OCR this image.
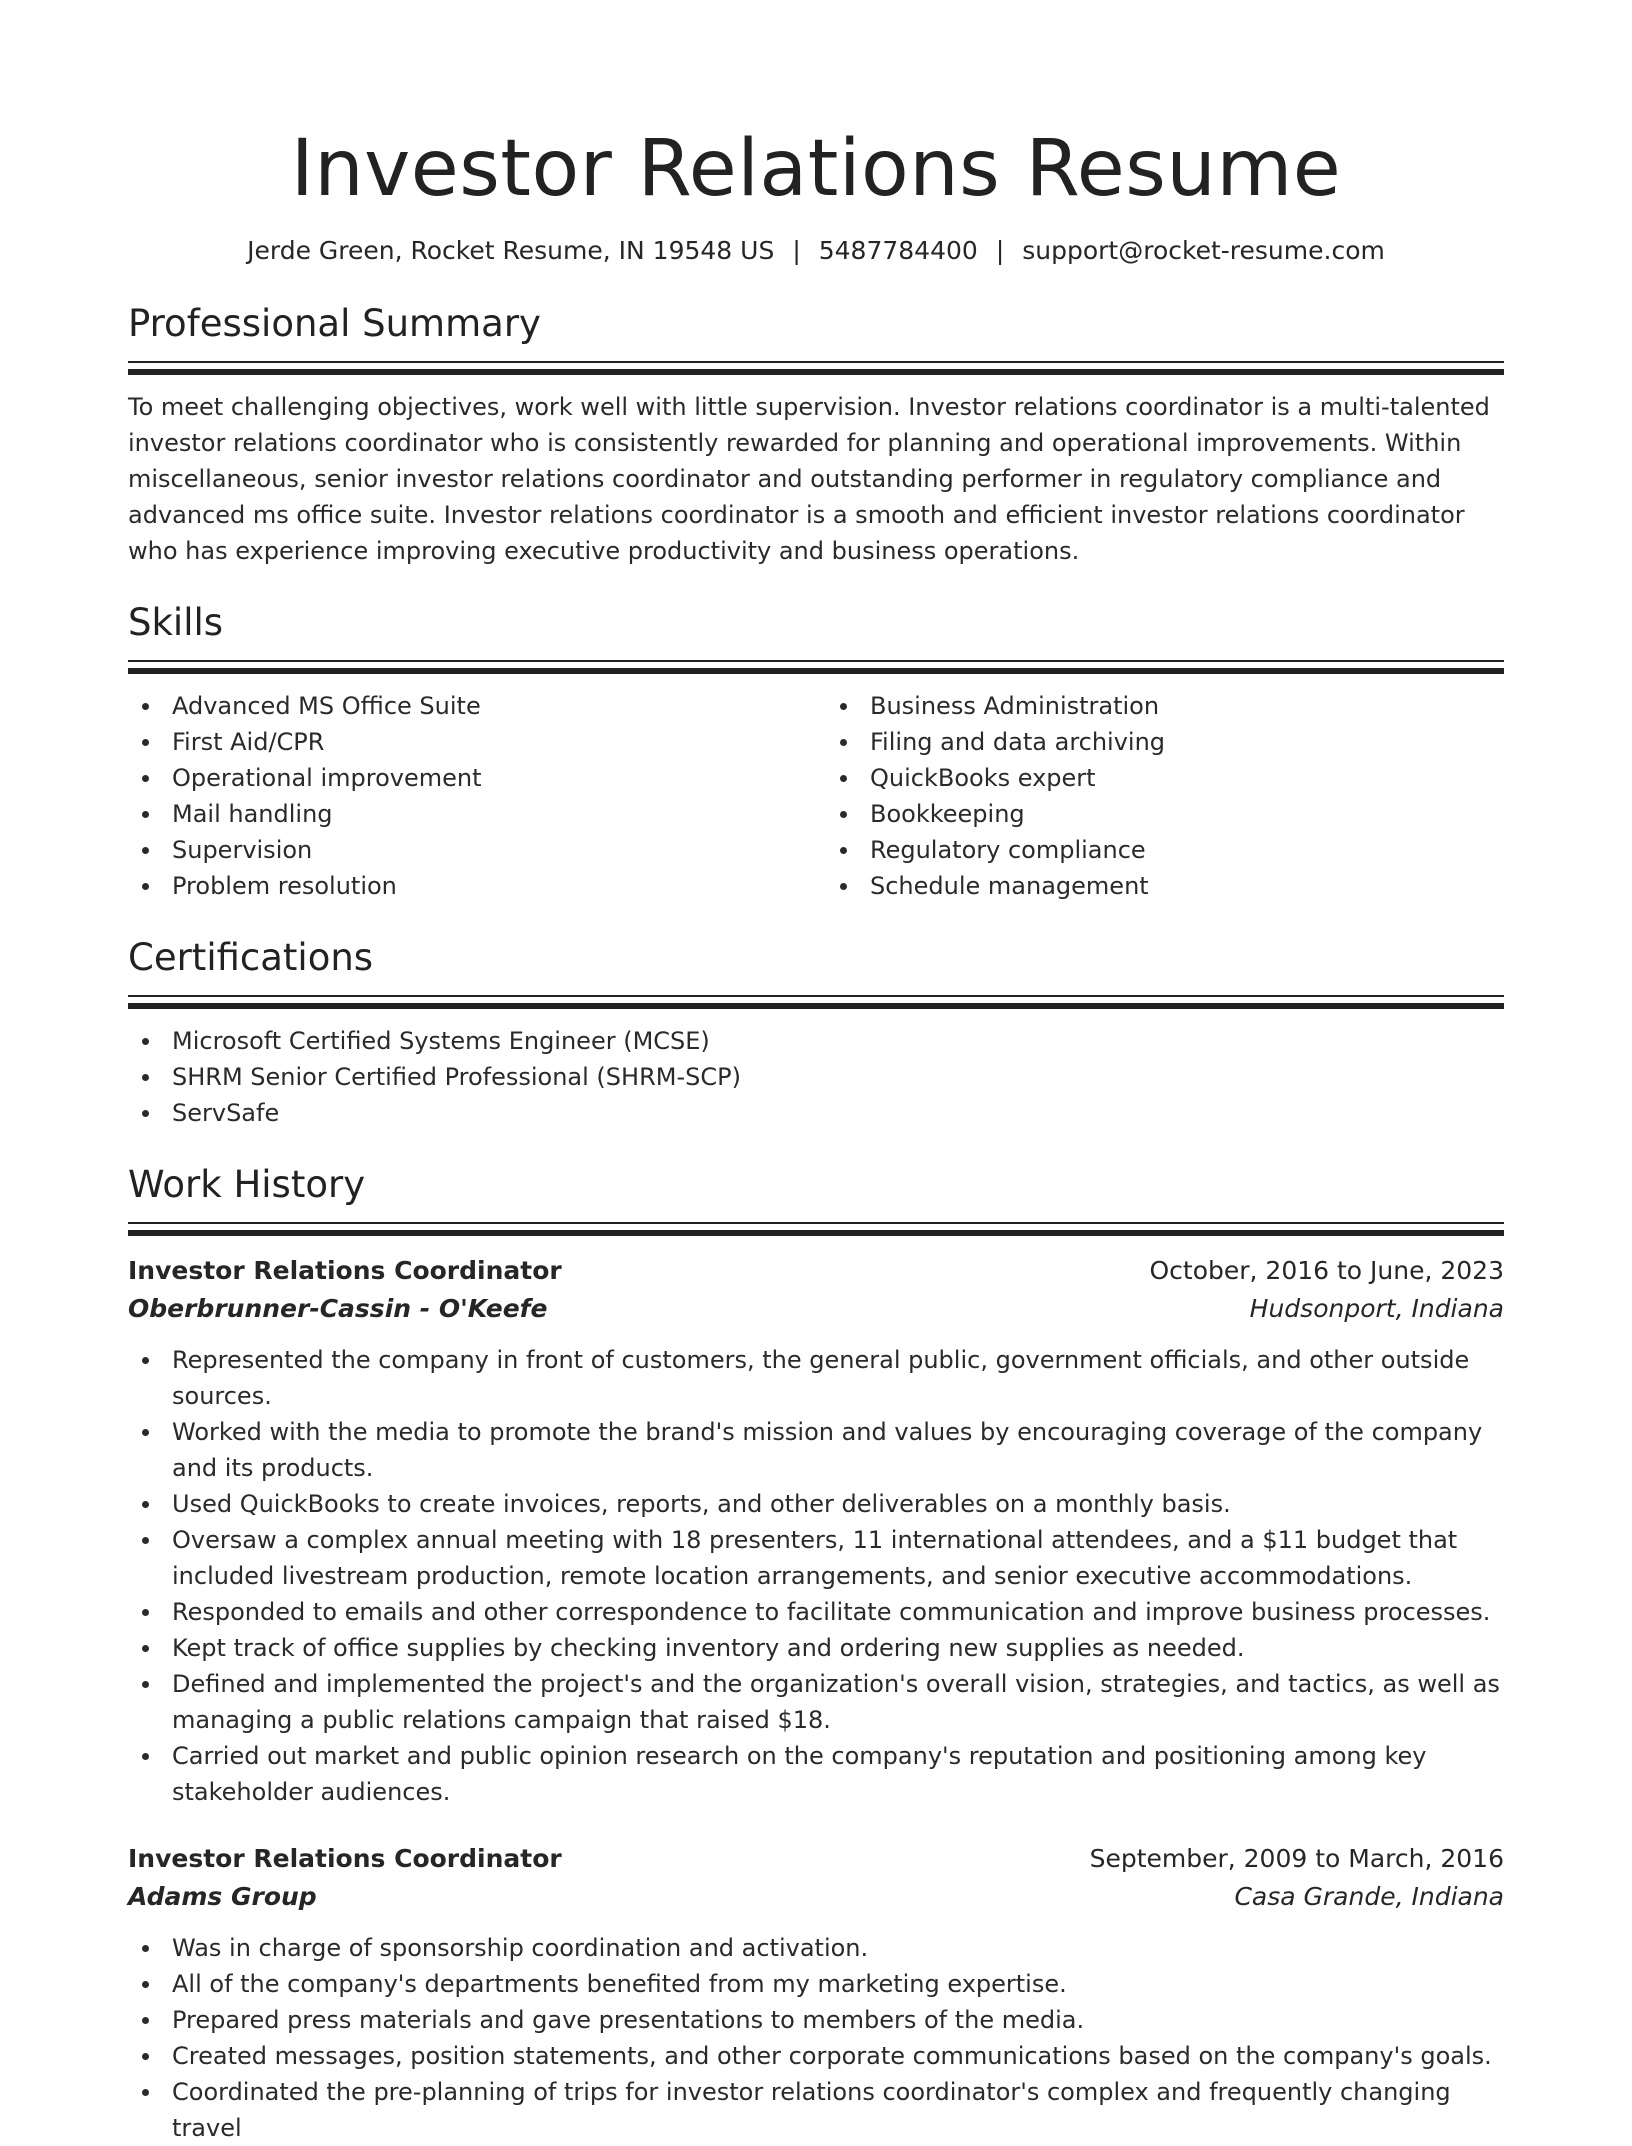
Investor Relations Resume
Jerde Green, Rocket Resume, IN 19548 US | 5487784400 | support@rocket-resume.com
Professional Summary

To meet challenging objectives, work well with little supervision. Investor relations coordinator is a multi-talented investor relations coordinator who is consistently rewarded for planning and operational improvements. Within miscellaneous, senior investor relations coordinator and outstanding performer in regulatory compliance and advanced ms office suite. Investor relations coordinator is a smooth and efficient investor relations coordinator who has experience improving executive productivity and business operations.

Skills
Advanced MS Office Suite
First Aid/CPR
Operational improvement
Mail handling
Supervision
Problem resolution
Business Administration
Filing and data archiving
QuickBooks expert
Bookkeeping
Regulatory compliance
Schedule management
Certifications
Microsoft Certified Systems Engineer (MCSE)
SHRM Senior Certified Professional (SHRM-SCP)
ServSafe
Work History
Investor Relations Coordinator	October, 2016 to June, 2023
Oberbrunner-Cassin - O'Keefe	Hudsonport, Indiana
Represented the company in front of customers, the general public, government officials, and other outside sources.
Worked with the media to promote the brand's mission and values by encouraging coverage of the company and its products.
Used QuickBooks to create invoices, reports, and other deliverables on a monthly basis.
Oversaw a complex annual meeting with 18 presenters, 11 international attendees, and a $11 budget that included livestream production, remote location arrangements, and senior executive accommodations.
Responded to emails and other correspondence to facilitate communication and improve business processes.
Kept track of office supplies by checking inventory and ordering new supplies as needed.
Defined and implemented the project's and the organization's overall vision, strategies, and tactics, as well as managing a public relations campaign that raised $18.
Carried out market and public opinion research on the company's reputation and positioning among key stakeholder audiences.
Investor Relations Coordinator	September, 2009 to March, 2016
Adams Group	Casa Grande, Indiana
Was in charge of sponsorship coordination and activation.
All of the company's departments benefited from my marketing expertise.
Prepared press materials and gave presentations to members of the media.
Created messages, position statements, and other corporate communications based on the company's goals.
Coordinated the pre-planning of trips for investor relations coordinator's complex and frequently changing travel
